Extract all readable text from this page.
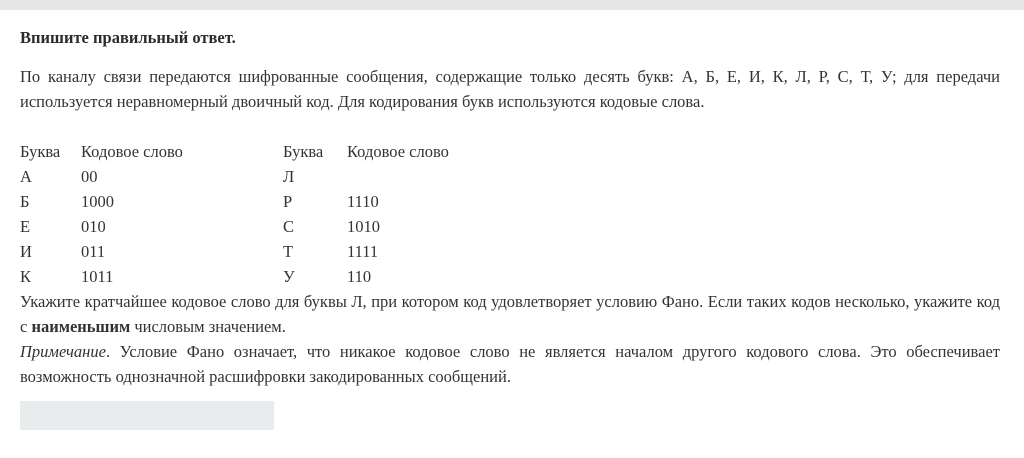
Впишите правильный ответ.

По каналу связи передаются шифрованные сообщения, содержащие только десять букв: А, Б, Е, И, К, Л, Р, С, Т, У; для передачи используется неравномерный двоичный код. Для кодирования букв используются кодовые слова.

Буква Кодовое слово	Буква Кодовое слово
А	00	Л
Б	1000	Р	1110
Е	010	С	1010
И	011	Т	1111
К	1011	У	110

Укажите кратчайшее кодовое слово для буквы Л, при котором код удовлетворяет условию Фано. Если таких кодов несколько, укажите код с наименьшим числовым значением.

Примечание. Условие Фано означает, что никакое кодовое слово не является началом другого кодового слова. Это обеспечивает возможность однозначной расшифровки закодированных сообщений.
